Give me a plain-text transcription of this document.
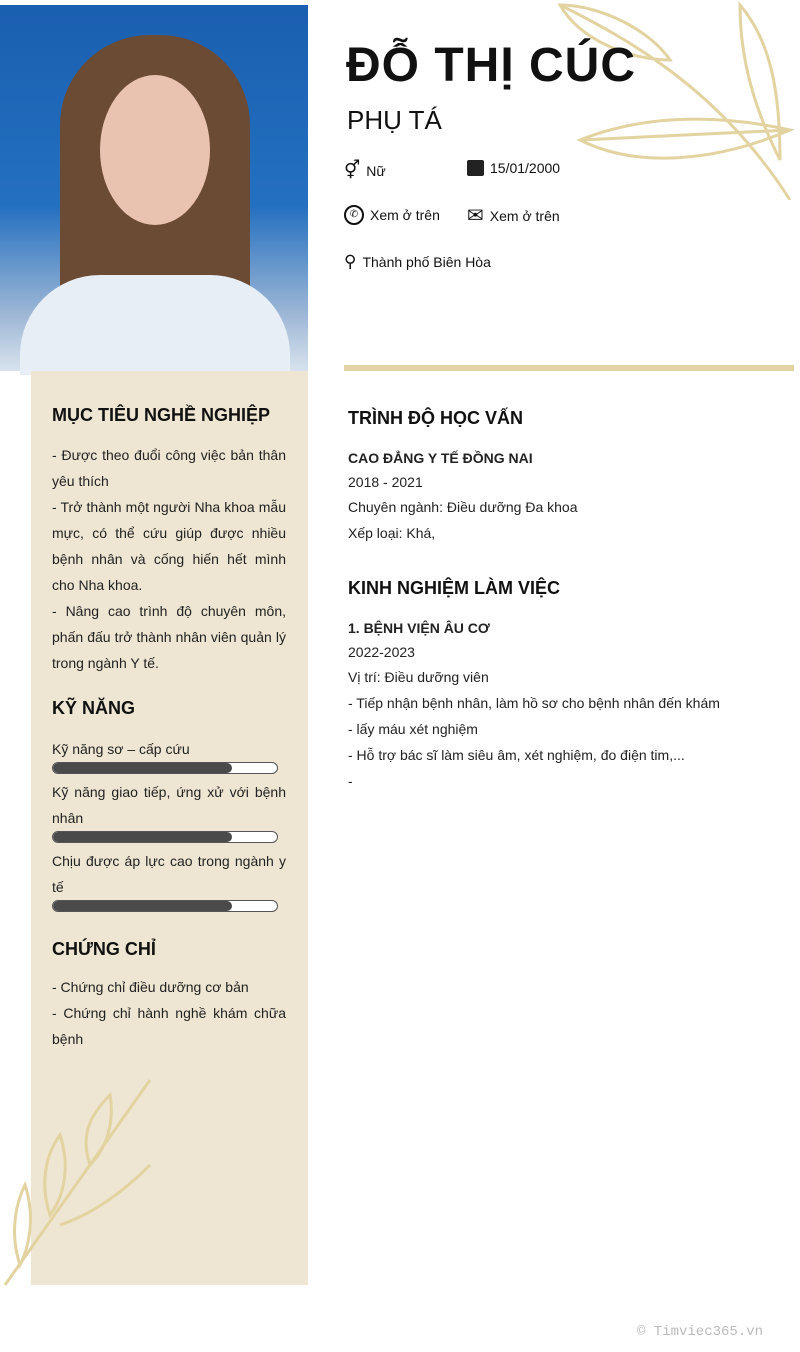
ĐỖ THỊ CÚC
PHỤ TÁ
⚥ Nữ	15/01/2000
✆ Xem ở trên ✉ Xem ở trên
⚲ Thành phố Biên Hòa
MỤC TIÊU NGHỀ NGHIỆP
- Được theo đuổi công việc bản thân yêu thích
- Trở thành một người Nha khoa mẫu mực, có thể cứu giúp được nhiều bệnh nhân và cống hiến hết mình cho Nha khoa.
- Nâng cao trình độ chuyên môn, phấn đấu trở thành nhân viên quản lý trong ngành Y tế.
KỸ NĂNG
Kỹ năng sơ – cấp cứu
Kỹ năng giao tiếp, ứng xử với bệnh nhân
Chịu được áp lực cao trong ngành y tế
CHỨNG CHỈ
- Chứng chỉ điều dưỡng cơ bản
- Chứng chỉ hành nghề khám chữa bệnh
TRÌNH ĐỘ HỌC VẤN
CAO ĐẲNG Y TẾ ĐỒNG NAI
2018 - 2021
Chuyên ngành: Điều dưỡng Đa khoa
Xếp loại: Khá,
KINH NGHIỆM LÀM VIỆC
1. BỆNH VIỆN ÂU CƠ
2022-2023
Vị trí: Điều dưỡng viên
- Tiếp nhận bệnh nhân, làm hồ sơ cho bệnh nhân đến khám
- lấy máu xét nghiệm
- Hỗ trợ bác sĩ làm siêu âm, xét nghiệm, đo điện tim,...
-
© Timviec365.vn
